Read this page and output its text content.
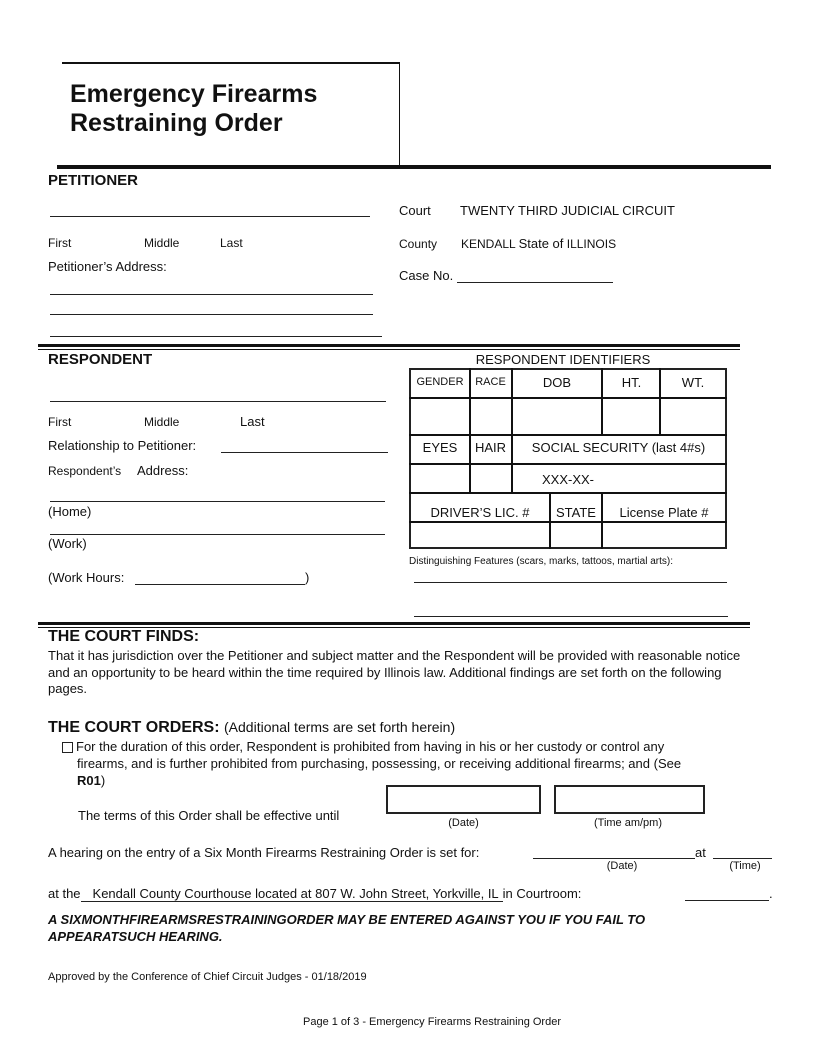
Emergency Firearms
Restraining Order
PETITIONER
First	Middle	Last
Petitioner’s Address:
Court TWENTY THIRD JUDICIAL CIRCUIT
County KENDALL State of ILLINOIS
Case No.
RESPONDENT
First	Middle	Last
Relationship to Petitioner:
Respondent’s Address:
(Home)
(Work)
(Work Hours:	)
RESPONDENT IDENTIFIERS
GENDER	RACE	DOB	HT.	WT.
EYES	HAIR	SOCIAL SECURITY (last 4#s)
XXX-XX-
DRIVER’S LIC. #	STATE	License Plate #
Distinguishing Features (scars, marks, tattoos, martial arts):
THE COURT FINDS:
That it has jurisdiction over the Petitioner and subject matter and the Respondent will be provided with reasonable notice and an opportunity to be heard within the time required by Illinois law. Additional findings are set forth on the following pages.
THE COURT ORDERS: (Additional terms are set forth herein)
For the duration of this order, Respondent is prohibited from having in his or her custody or control any
firearms, and is further prohibited from purchasing, possessing, or receiving additional firearms; and (See
R01)
The terms of this Order shall be effective until	(Date)	(Time am/pm)
A hearing on the entry of a Six Month Firearms Restraining Order is set for:	at
(Date)	(Time)
at the Kendall County Courthouse located at 807 W. John Street, Yorkville, IL in Courtroom:	.
A SIXMONTHFIREARMSRESTRAININGORDER MAY BE ENTERED AGAINST YOU IF YOU FAIL TO
APPEARATSUCH HEARING.
Approved by the Conference of Chief Circuit Judges - 01/18/2019
Page 1 of 3 - Emergency Firearms Restraining Order
